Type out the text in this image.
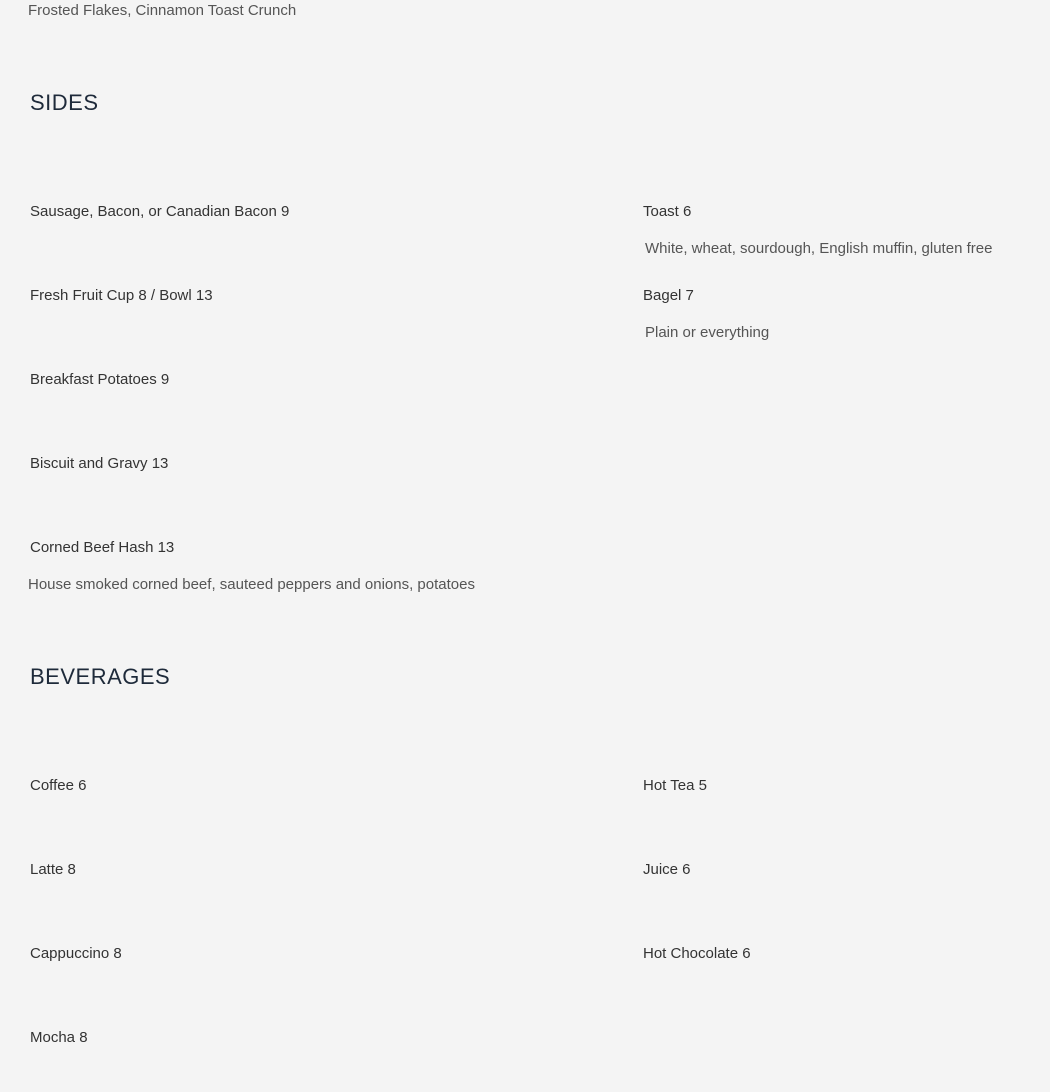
Frosted Flakes, Cinnamon Toast Crunch
SIDES
Sausage, Bacon, or Canadian Bacon 9
Fresh Fruit Cup 8 / Bowl 13
Breakfast Potatoes 9
Biscuit and Gravy 13
Corned Beef Hash 13
House smoked corned beef, sauteed peppers and onions, potatoes
Toast 6
White, wheat, sourdough, English muffin, gluten free
Bagel 7
Plain or everything
BEVERAGES
Coffee 6
Latte 8
Cappuccino 8
Mocha 8
Hot Tea 5
Juice 6
Hot Chocolate 6
